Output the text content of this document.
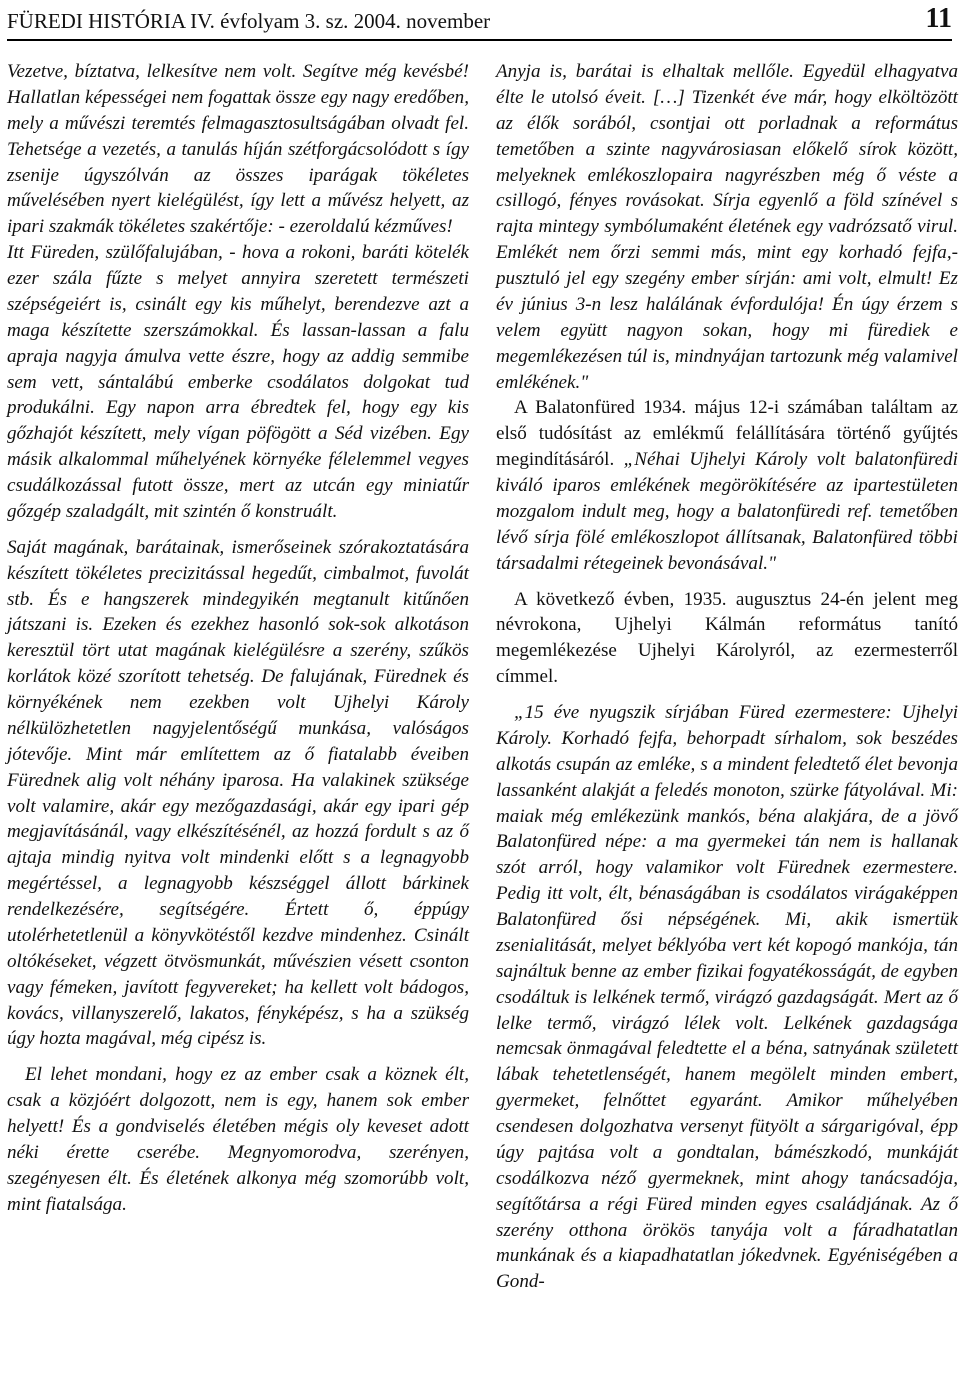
FÜREDI HISTÓRIA IV. évfolyam 3. sz. 2004. november	11

Vezetve, bíztatva, lelkesítve nem volt. Segítve még kevésbé! Hallatlan képességei nem fogattak össze egy nagy eredőben, mely a művészi teremtés felmagasztosultságában olvadt fel. Tehetsége a vezetés, a tanulás híján szétforgácsolódott s így zsenije úgyszólván az összes iparágak tökéletes művelésében nyert kielégülést, így lett a művész helyett, az ipari szakmák tökéletes szakértője: - ezeroldalú kézműves!

Itt Füreden, szülőfalujában, - hova a rokoni, baráti kötelék ezer szála fűzte s melyet annyira szeretett természeti szépségeiért is, csinált egy kis műhelyt, berendezve azt a maga készítette szerszámokkal. És lassan-lassan a falu apraja nagyja ámulva vette észre, hogy az addig semmibe sem vett, sántalábú emberke csodálatos dolgokat tud produkálni. Egy napon arra ébredtek fel, hogy egy kis gőzhajót készített, mely vígan pöfögött a Séd vizében. Egy másik alkalommal műhelyének környéke félelemmel vegyes csudálkozással futott össze, mert az utcán egy miniatűr gőzgép szaladgált, mit szintén ő konstruált.

Saját magának, barátainak, ismerőseinek szórakoztatására készített tökéletes precizitással hegedűt, cimbalmot, fuvolát stb. És e hangszerek mindegyikén megtanult kitűnően játszani is. Ezeken és ezekhez hasonló sok-sok alkotáson keresztül tört utat magának kielégülésre a szerény, szűkös korlátok közé szorított tehetség. De falujának, Fürednek és környékének nem ezekben volt Ujhelyi Károly nélkülözhetetlen nagyjelentőségű munkása, valóságos jótevője. Mint már említettem az ő fiatalabb éveiben Fürednek alig volt néhány iparosa. Ha valakinek szüksége volt valamire, akár egy mezőgazdasági, akár egy ipari gép megjavításánál, vagy elkészítésénél, az hozzá fordult s az ő ajtaja mindig nyitva volt mindenki előtt s a legnagyobb megértéssel, a legnagyobb készséggel állott bárkinek rendelkezésére, segítségére. Értett ő, éppúgy utolérhetetlenül a könyvkötéstől kezdve mindenhez. Csinált oltókéseket, végzett ötvösmunkát, művészien vésett csonton vagy fémeken, javított fegyvereket; ha kellett volt bádogos, kovács, villanyszerelő, lakatos, fényképész, s ha a szükség úgy hozta magával, még cipész is.

El lehet mondani, hogy ez az ember csak a köznek élt, csak a közjóért dolgozott, nem is egy, hanem sok ember helyett! És a gondviselés életében mégis oly keveset adott néki érette cserébe. Megnyomorodva, szerényen, szegényesen élt. És életének alkonya még szomorúbb volt, mint fiatalsága.

Anyja is, barátai is elhaltak mellőle. Egyedül elhagyatva élte le utolsó éveit. […] Tizenkét éve már, hogy elköltözött az élők sorából, csontjai ott porladnak a református temetőben a szinte nagyvárosiasan előkelő sírok között, melyeknek emlékoszlopaira nagyrészben még ő véste a csillogó, fényes rovásokat. Sírja egyenlő a föld színével s rajta mintegy symbólumaként életének egy vadrózsatő virul. Emlékét nem őrzi semmi más, mint egy korhadó fejfa,- pusztuló jel egy szegény ember sírján: ami volt, elmult! Ez év június 3-n lesz halálának évfordulója! Én úgy érzem s velem együtt nagyon sokan, hogy mi fürediek e megemlékezésen túl is, mindnyájan tartozunk még valamivel emlékének."

A Balatonfüred 1934. május 12-i számában találtam az első tudósítást az emlékmű felállítására történő gyűjtés megindításáról. „Néhai Ujhelyi Károly volt balatonfüredi kiváló iparos emlékének megörökítésére az ipartestületen mozgalom indult meg, hogy a balatonfüredi ref. temetőben lévő sírja fölé emlékoszlopot állítsanak, Balatonfüred többi társadalmi rétegeinek bevonásával."

A következő évben, 1935. augusztus 24-én jelent meg névrokona, Ujhelyi Kálmán református tanító megemlékezése Ujhelyi Károlyról, az ezermesterről címmel.

„15 éve nyugszik sírjában Füred ezermestere: Ujhelyi Károly. Korhadó fejfa, behorpadt sírhalom, sok beszédes alkotás csupán az emléke, s a mindent feledtető élet bevonja lassanként alakját a feledés monoton, szürke fátyolával. Mi: maiak még emlékezünk mankós, béna alakjára, de a jövő Balatonfüred népe: a ma gyermekei tán nem is hallanak szót arról, hogy valamikor volt Fürednek ezermestere. Pedig itt volt, élt, bénaságában is csodálatos virágaképpen Balatonfüred ősi népségének. Mi, akik ismertük zsenialitását, melyet béklyóba vert két kopogó mankója, tán sajnáltuk benne az ember fizikai fogyatékosságát, de egyben csodáltuk is lelkének termő, virágzó gazdagságát. Mert az ő lelke termő, virágzó lélek volt. Lelkének gazdagsága nemcsak önmagával feledtette el a béna, satnyának született lábak tehetetlenségét, hanem megölelt minden embert, gyermeket, felnőttet egyaránt. Amikor műhelyében csendesen dolgozhatva versenyt fütyölt a sárgarigóval, épp úgy pajtása volt a gondtalan, bámészkodó, munkáját csodálkozva néző gyermeknek, mint ahogy tanácsadója, segítőtársa a régi Füred minden egyes családjának. Az ő szerény otthona örökös tanyája volt a fáradhatatlan munkának és a kiapadhatatlan jókedvnek. Egyéniségében a Gond-
